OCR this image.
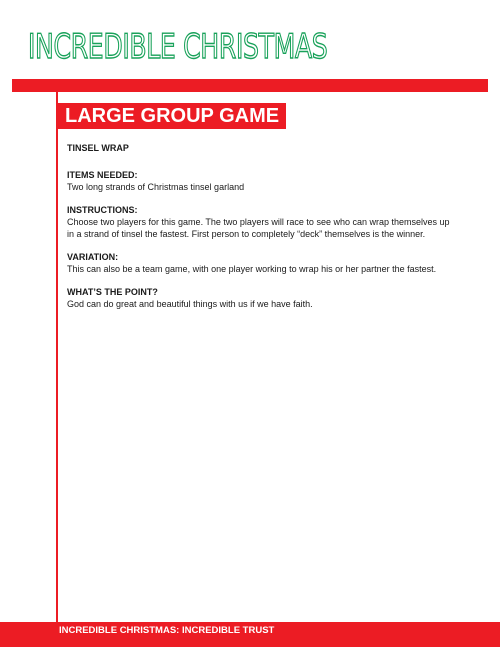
INCREDIBLE CHRISTMAS
LARGE GROUP GAME

TINSEL WRAP

ITEMS NEEDED:

Two long strands of Christmas tinsel garland

INSTRUCTIONS:

Choose two players for this game. The two players will race to see who can wrap themselves up in a strand of tinsel the fastest. First person to completely “deck” themselves is the winner.

VARIATION:

This can also be a team game, with one player working to wrap his or her partner the fastest.

WHAT’S THE POINT?

God can do great and beautiful things with us if we have faith.

INCREDIBLE CHRISTMAS: INCREDIBLE TRUST
